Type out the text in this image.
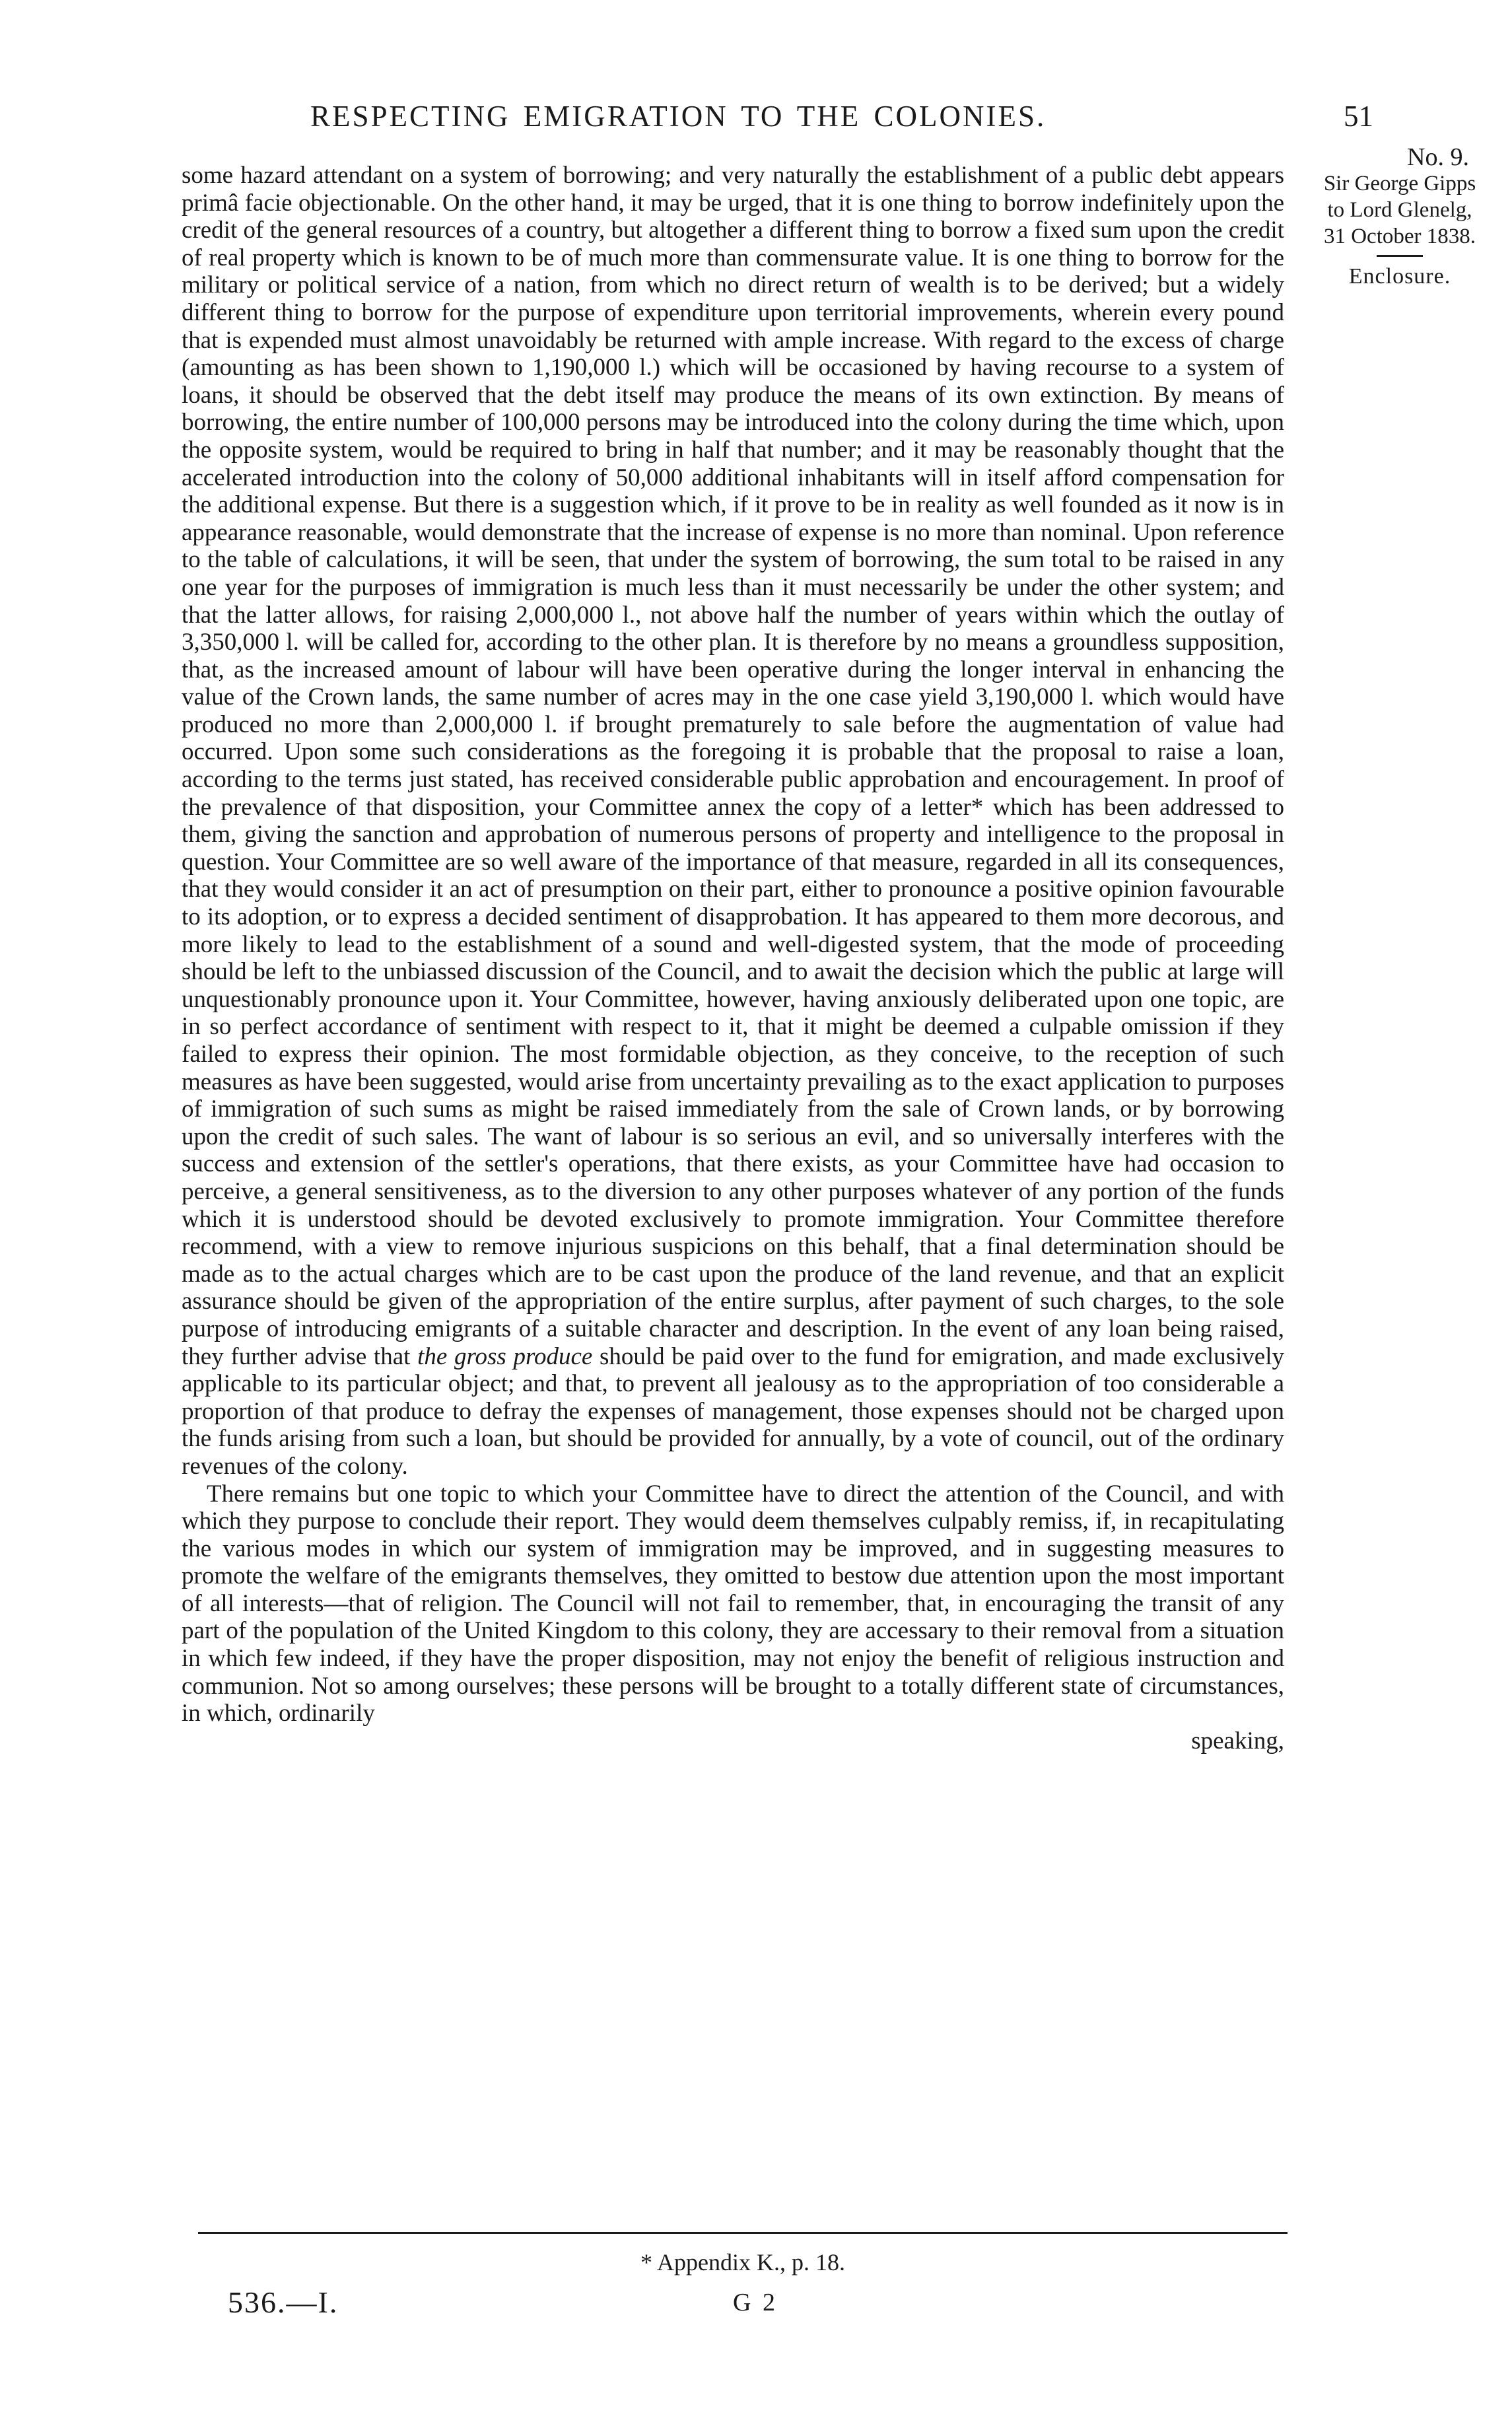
RESPECTING EMIGRATION TO THE COLONIES.	51
No. 9.
Sir George Gipps
to Lord Glenelg,
31 October 1838.
Enclosure.

some hazard attendant on a system of borrowing; and very naturally the establishment of a public debt appears primâ facie objectionable. On the other hand, it may be urged, that it is one thing to borrow indefinitely upon the credit of the general resources of a country, but altogether a different thing to borrow a fixed sum upon the credit of real property which is known to be of much more than commensurate value. It is one thing to borrow for the military or political service of a nation, from which no direct return of wealth is to be derived; but a widely different thing to borrow for the purpose of expenditure upon territorial improvements, wherein every pound that is expended must almost unavoidably be returned with ample increase. With regard to the excess of charge (amounting as has been shown to 1,190,000 l.) which will be occasioned by having recourse to a system of loans, it should be observed that the debt itself may produce the means of its own extinction. By means of borrowing, the entire number of 100,000 persons may be introduced into the colony during the time which, upon the opposite system, would be required to bring in half that number; and it may be reasonably thought that the accelerated introduction into the colony of 50,000 additional inhabitants will in itself afford compensation for the additional expense. But there is a suggestion which, if it prove to be in reality as well founded as it now is in appearance reasonable, would demonstrate that the increase of expense is no more than nominal. Upon reference to the table of calculations, it will be seen, that under the system of borrowing, the sum total to be raised in any one year for the purposes of immigration is much less than it must necessarily be under the other system; and that the latter allows, for raising 2,000,000 l., not above half the number of years within which the outlay of 3,350,000 l. will be called for, according to the other plan. It is therefore by no means a groundless supposition, that, as the increased amount of labour will have been operative during the longer interval in enhancing the value of the Crown lands, the same number of acres may in the one case yield 3,190,000 l. which would have produced no more than 2,000,000 l. if brought prematurely to sale before the augmentation of value had occurred. Upon some such considerations as the foregoing it is probable that the proposal to raise a loan, according to the terms just stated, has received considerable public approbation and encouragement. In proof of the prevalence of that disposition, your Committee annex the copy of a letter* which has been addressed to them, giving the sanction and approbation of numerous persons of property and intelligence to the proposal in question. Your Committee are so well aware of the importance of that measure, regarded in all its consequences, that they would consider it an act of presumption on their part, either to pronounce a positive opinion favourable to its adoption, or to express a decided sentiment of disapprobation. It has appeared to them more decorous, and more likely to lead to the establishment of a sound and well-digested system, that the mode of proceeding should be left to the unbiassed discussion of the Council, and to await the decision which the public at large will unquestionably pronounce upon it. Your Committee, however, having anxiously deliberated upon one topic, are in so perfect accordance of sentiment with respect to it, that it might be deemed a culpable omission if they failed to express their opinion. The most formidable objection, as they conceive, to the reception of such measures as have been suggested, would arise from uncertainty prevailing as to the exact application to purposes of immigration of such sums as might be raised immediately from the sale of Crown lands, or by borrowing upon the credit of such sales. The want of labour is so serious an evil, and so universally interferes with the success and extension of the settler's operations, that there exists, as your Committee have had occasion to perceive, a general sensitiveness, as to the diversion to any other purposes whatever of any portion of the funds which it is understood should be devoted exclusively to promote immigration. Your Committee therefore recommend, with a view to remove injurious suspicions on this behalf, that a final determination should be made as to the actual charges which are to be cast upon the produce of the land revenue, and that an explicit assurance should be given of the appropriation of the entire surplus, after payment of such charges, to the sole purpose of introducing emigrants of a suitable character and description. In the event of any loan being raised, they further advise that the gross produce should be paid over to the fund for emigration, and made exclusively applicable to its particular object; and that, to prevent all jealousy as to the appropriation of too considerable a proportion of that produce to defray the expenses of management, those expenses should not be charged upon the funds arising from such a loan, but should be provided for annually, by a vote of council, out of the ordinary revenues of the colony.

There remains but one topic to which your Committee have to direct the attention of the Council, and with which they purpose to conclude their report. They would deem themselves culpably remiss, if, in recapitulating the various modes in which our system of immigration may be improved, and in suggesting measures to promote the welfare of the emigrants themselves, they omitted to bestow due attention upon the most important of all interests—that of religion. The Council will not fail to remember, that, in encouraging the transit of any part of the population of the United Kingdom to this colony, they are accessary to their removal from a situation in which few indeed, if they have the proper disposition, may not enjoy the benefit of religious instruction and communion. Not so among ourselves; these persons will be brought to a totally different state of circumstances, in which, ordinarily

speaking,

* Appendix K., p. 18.
536.—I.	G 2
